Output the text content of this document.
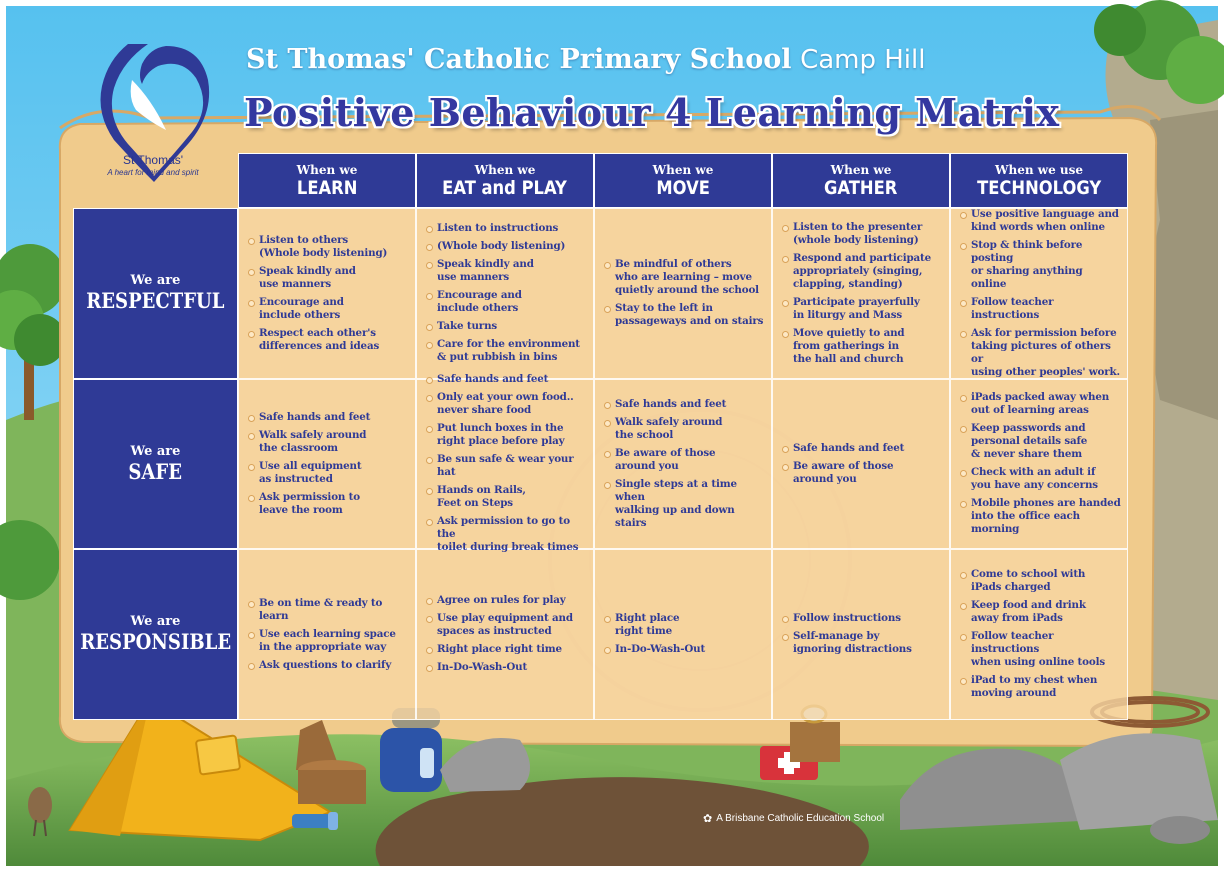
St Thomas'
A heart for mind and spirit
St Thomas' Catholic Primary School Camp Hill
Positive Behaviour 4 Learning Matrix
When we
LEARN
When we
EAT and PLAY
When we
MOVE
When we
GATHER
When we use
TECHNOLOGY
We are
RESPECTFUL
Listen to others
(Whole body listening)
Speak kindly and
use manners
Encourage and
include others
Respect each other's
differences and ideas
Listen to instructions
(Whole body listening)
Speak kindly and
use manners
Encourage and
include others
Take turns
Care for the environment
& put rubbish in bins
Be mindful of others
who are learning – move
quietly around the school
Stay to the left in
passageways and on stairs
Listen to the presenter
(whole body listening)
Respond and participate
appropriately (singing,
clapping, standing)
Participate prayerfully
in liturgy and Mass
Move quietly to and
from gatherings in
the hall and church
Use positive language and
kind words when online
Stop & think before posting
or sharing anything online
Follow teacher instructions
Ask for permission before
taking pictures of others or
using other peoples' work.
We are
SAFE
Safe hands and feet
Walk safely around
the classroom
Use all equipment
as instructed
Ask permission to
leave the room
Safe hands and feet
Only eat your own food..
never share food
Put lunch boxes in the
right place before play
Be sun safe & wear your hat
Hands on Rails,
Feet on Steps
Ask permission to go to the
toilet during break times
Safe hands and feet
Walk safely around
the school
Be aware of those
around you
Single steps at a time when
walking up and down stairs
Safe hands and feet
Be aware of those
around you
iPads packed away when
out of learning areas
Keep passwords and
personal details safe
& never share them
Check with an adult if
you have any concerns
Mobile phones are handed
into the office each morning
We are
RESPONSIBLE
Be on time & ready to learn
Use each learning space
in the appropriate way
Ask questions to clarify
Agree on rules for play
Use play equipment and
spaces as instructed
Right place right time
In-Do-Wash-Out
Right place
right time
In-Do-Wash-Out
Follow instructions
Self-manage by
ignoring distractions
Come to school with
iPads charged
Keep food and drink
away from iPads
Follow teacher instructions
when using online tools
iPad to my chest when
moving around
✿ A Brisbane Catholic Education School
